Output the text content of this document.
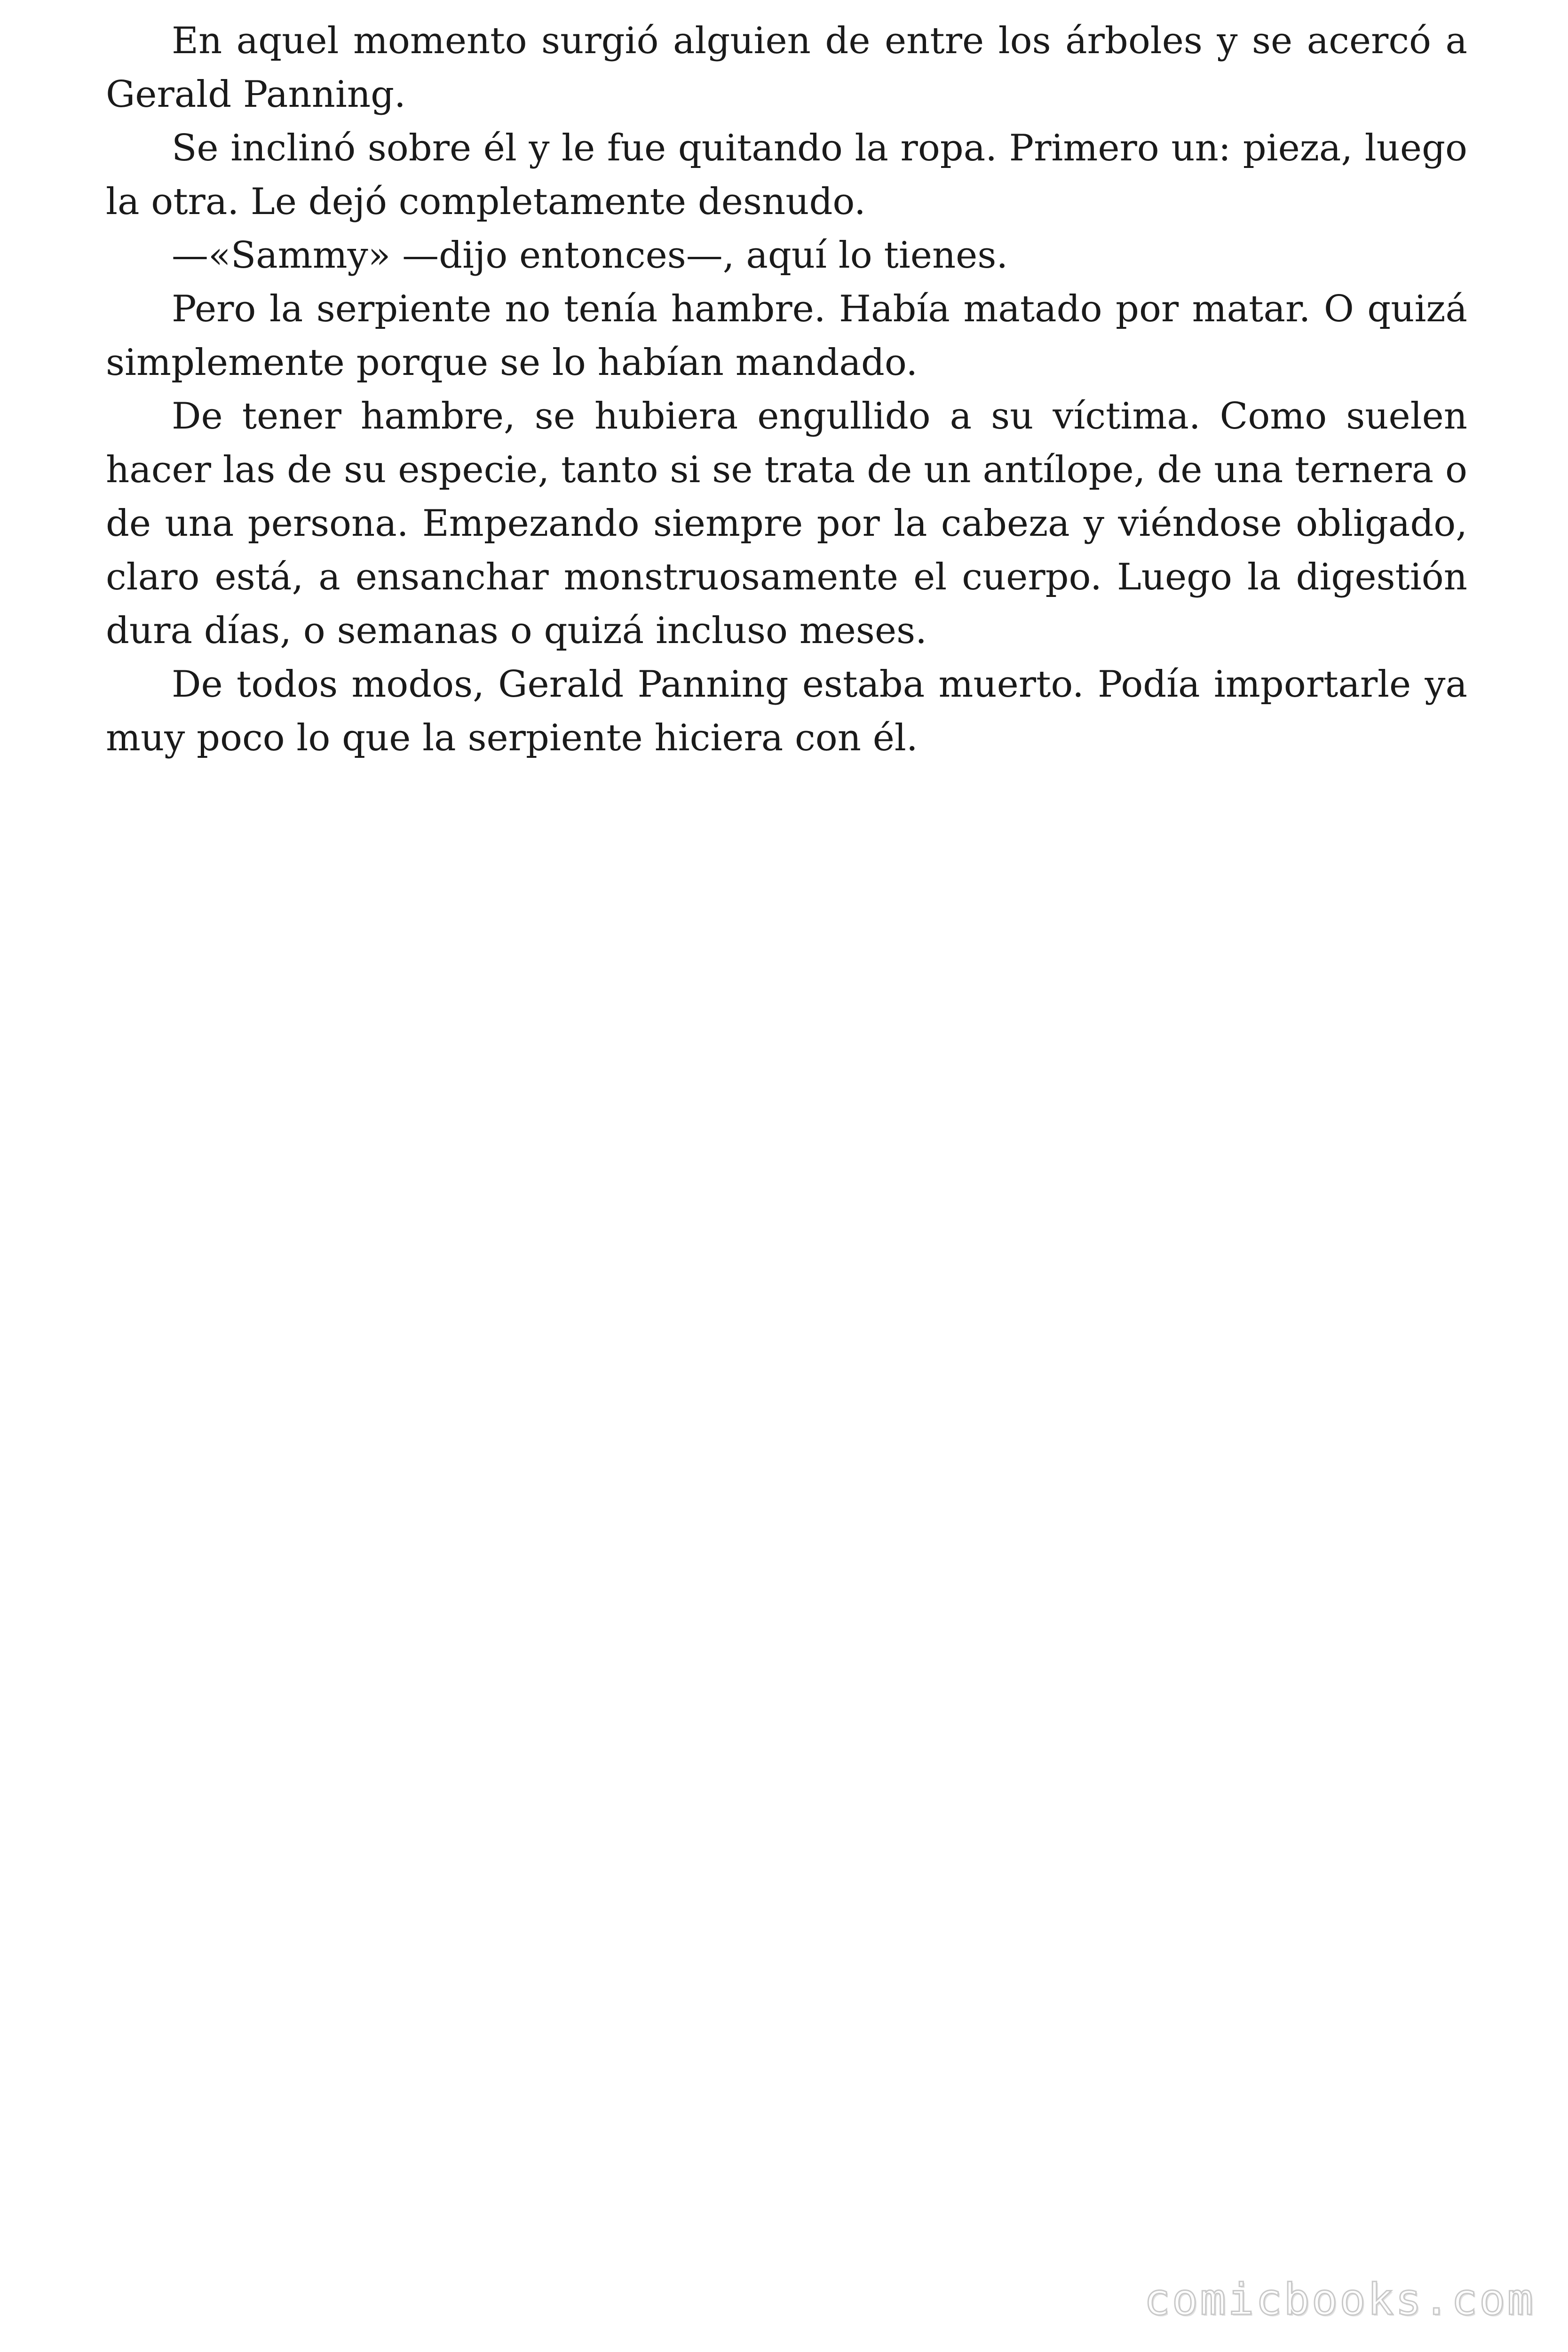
En aquel momento surgió alguien de entre los árboles y se acercó a Gerald Panning.

Se inclinó sobre él y le fue quitando la ropa. Primero un: pieza, luego la otra. Le dejó completamente desnudo.

—«Sammy» —dijo entonces—, aquí lo tienes.

Pero la serpiente no tenía hambre. Había matado por matar. O quizá simplemente porque se lo habían mandado.

De tener hambre, se hubiera engullido a su víctima. Como suelen hacer las de su especie, tanto si se trata de un antílope, de una ternera o de una persona. Empezando siempre por la cabeza y viéndose obligado, claro está, a ensanchar monstruosamente el cuerpo. Luego la digestión dura días, o semanas o quizá incluso meses.

De todos modos, Gerald Panning estaba muerto. Podía importarle ya muy poco lo que la serpiente hiciera con él.

comicbooks.com
